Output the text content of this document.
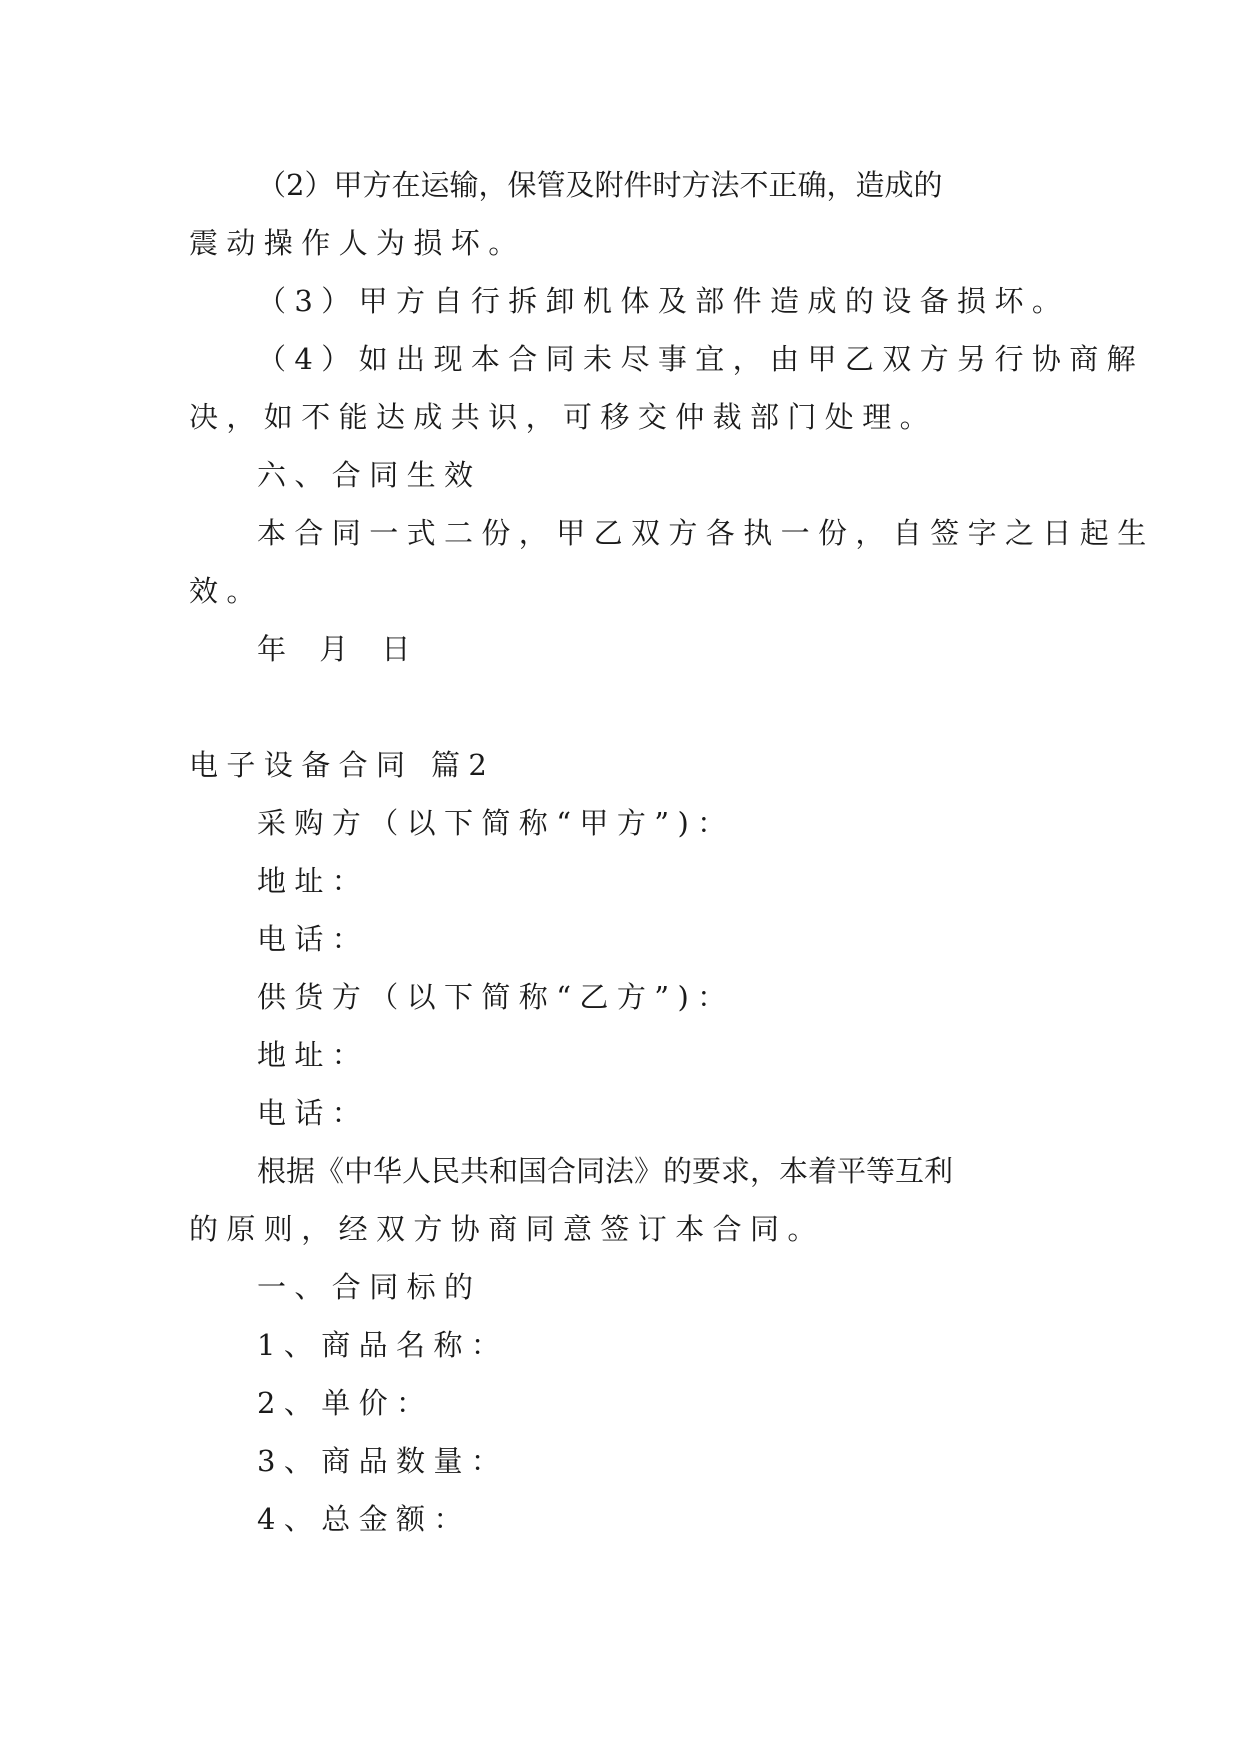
（2）甲方在运输，保管及附件时方法不正确，造成的

震动操作人为损坏。

（3）甲方自行拆卸机体及部件造成的设备损坏。

（4）如出现本合同未尽事宜，由甲乙双方另行协商解

决，如不能达成共识，可移交仲裁部门处理。

六、合同生效

本合同一式二份，甲乙双方各执一份，自签字之日起生

效。

年 月 日

电子设备合同 篇2

采购方（以下简称“甲方”)：

地址：

电话：

供货方（以下简称“乙方”)：

地址：

电话：

根据《中华人民共和国合同法》的要求，本着平等互利

的原则，经双方协商同意签订本合同。

一、合同标的

1、商品名称：

2、单价：

3、商品数量：

4、总金额：
